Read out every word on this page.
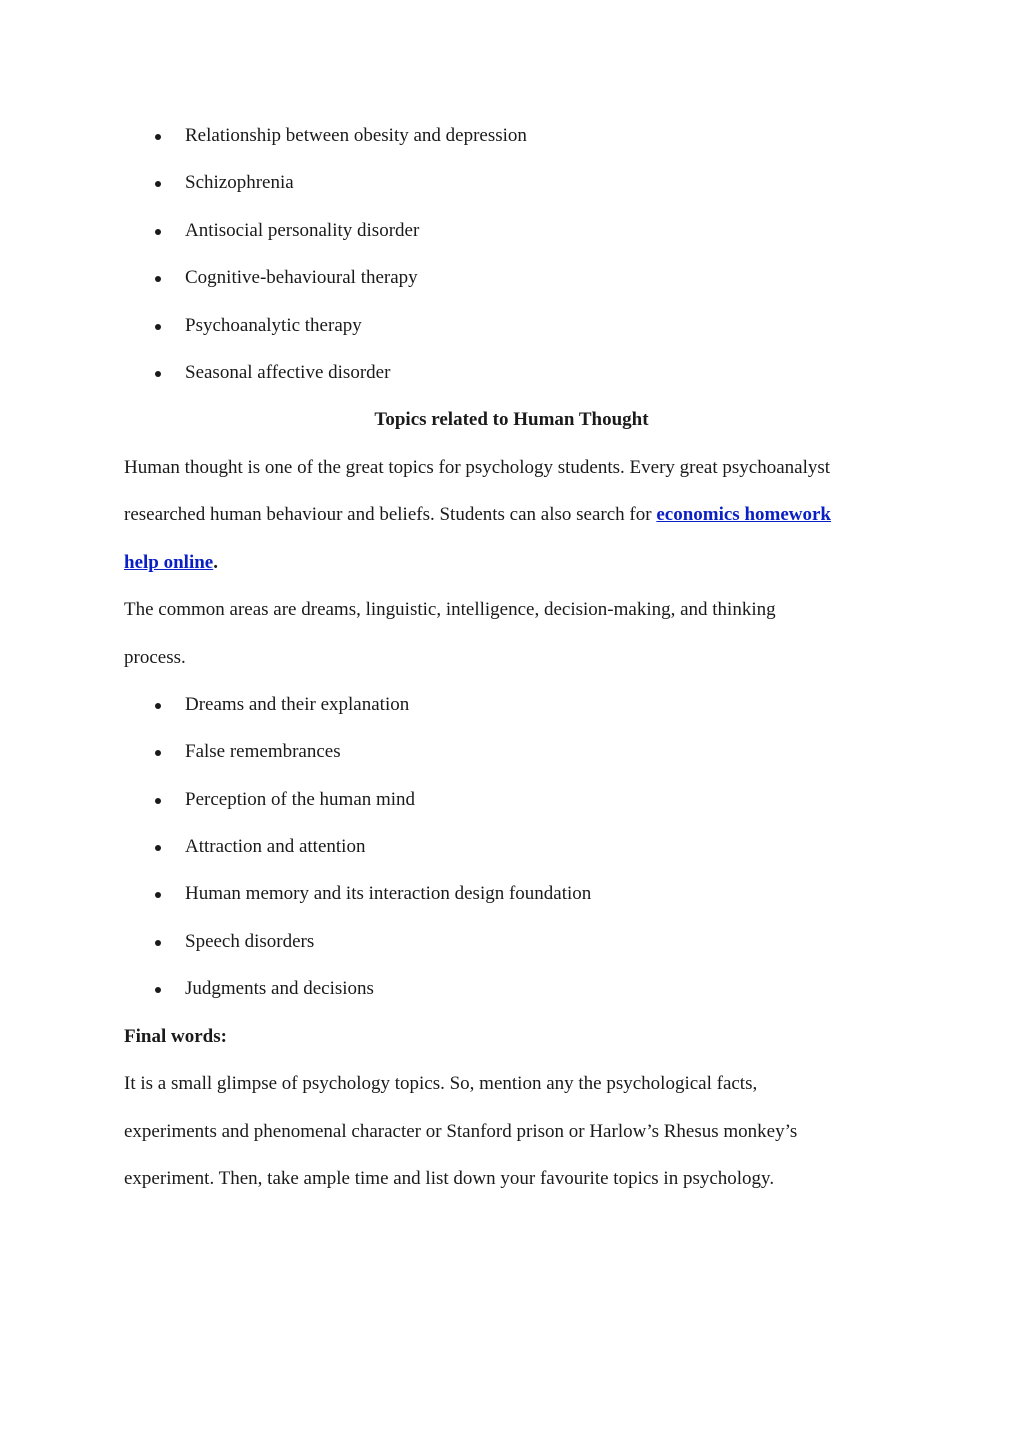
Relationship between obesity and depression
Schizophrenia
Antisocial personality disorder
Cognitive-behavioural therapy
Psychoanalytic therapy
Seasonal affective disorder
Topics related to Human Thought
Human thought is one of the great topics for psychology students. Every great psychoanalyst
researched human behaviour and beliefs. Students can also search for economics homework
help online.
The common areas are dreams, linguistic, intelligence, decision-making, and thinking
process.
Dreams and their explanation
False remembrances
Perception of the human mind
Attraction and attention
Human memory and its interaction design foundation
Speech disorders
Judgments and decisions
Final words:
It is a small glimpse of psychology topics. So, mention any the psychological facts,
experiments and phenomenal character or Stanford prison or Harlow’s Rhesus monkey’s
experiment. Then, take ample time and list down your favourite topics in psychology.
